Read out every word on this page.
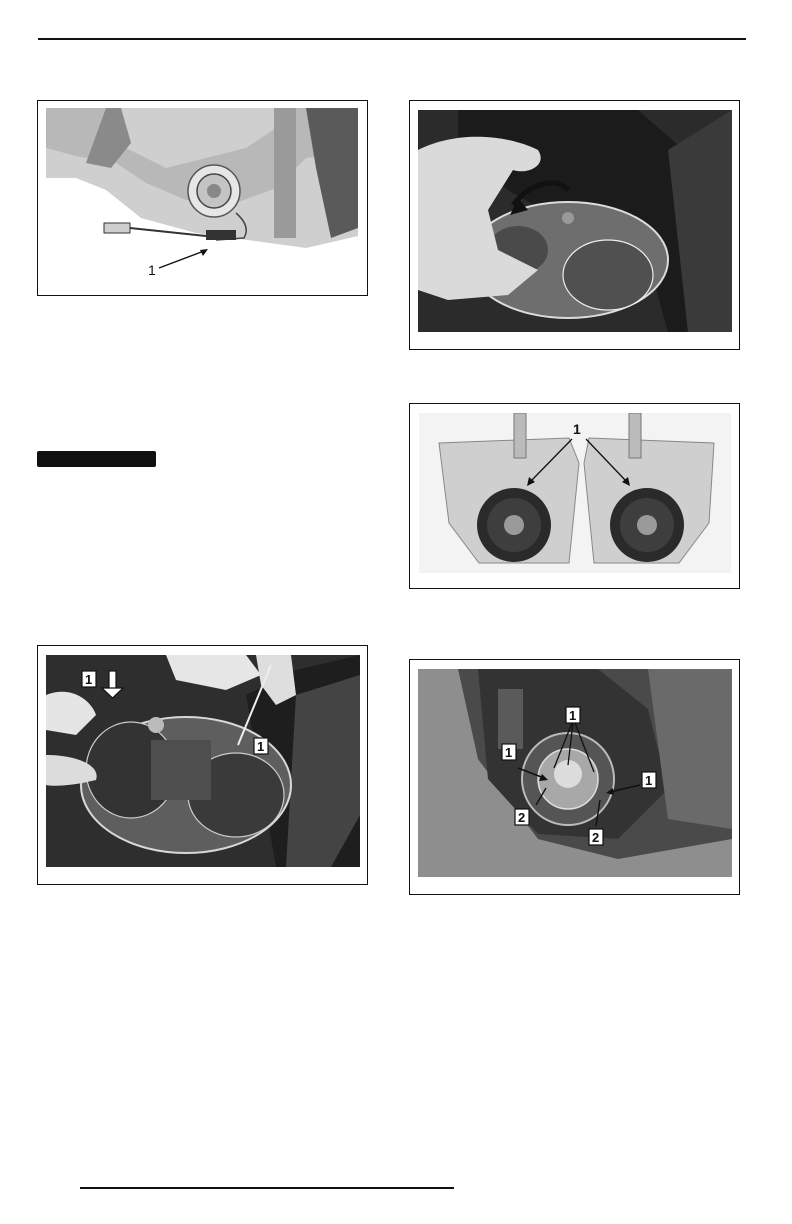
1
1
1
1
1
1
1
2
2
